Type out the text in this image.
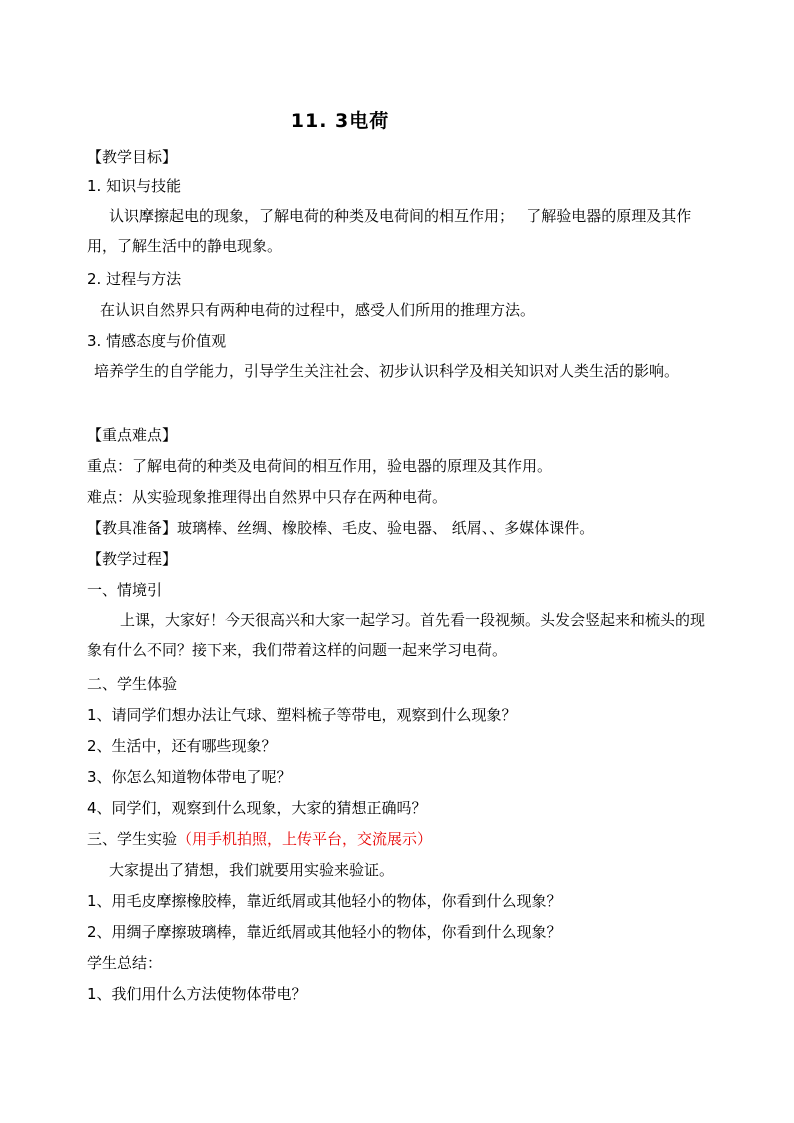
11. 3电荷
【教学目标】
1. 知识与技能
认识摩擦起电的现象，了解电荷的种类及电荷间的相互作用；　 了解验电器的原理及其作用，了解生活中的静电现象。
2. 过程与方法
在认识自然界只有两种电荷的过程中，感受人们所用的推理方法。
3. 情感态度与价值观
培养学生的自学能力，引导学生关注社会、初步认识科学及相关知识对人类生活的影响。
【重点难点】
重点：了解电荷的种类及电荷间的相互作用，验电器的原理及其作用。
难点：从实验现象推理得出自然界中只存在两种电荷。
【教具准备】玻璃棒、丝绸、橡胶棒、毛皮、验电器、 纸屑、、多媒体课件。
【教学过程】
一、情境引
上课，大家好！今天很高兴和大家一起学习。首先看一段视频。头发会竖起来和梳头的现象有什么不同？接下来，我们带着这样的问题一起来学习电荷。
二、学生体验
1、请同学们想办法让气球、塑料梳子等带电，观察到什么现象？
2、生活中，还有哪些现象？
3、你怎么知道物体带电了呢？
4、同学们，观察到什么现象，大家的猜想正确吗？
三、学生实验（用手机拍照，上传平台，交流展示）
大家提出了猜想，我们就要用实验来验证。
1、用毛皮摩擦橡胶棒，靠近纸屑或其他轻小的物体，你看到什么现象？
2、用绸子摩擦玻璃棒，靠近纸屑或其他轻小的物体，你看到什么现象？
学生总结：
1、我们用什么方法使物体带电？
